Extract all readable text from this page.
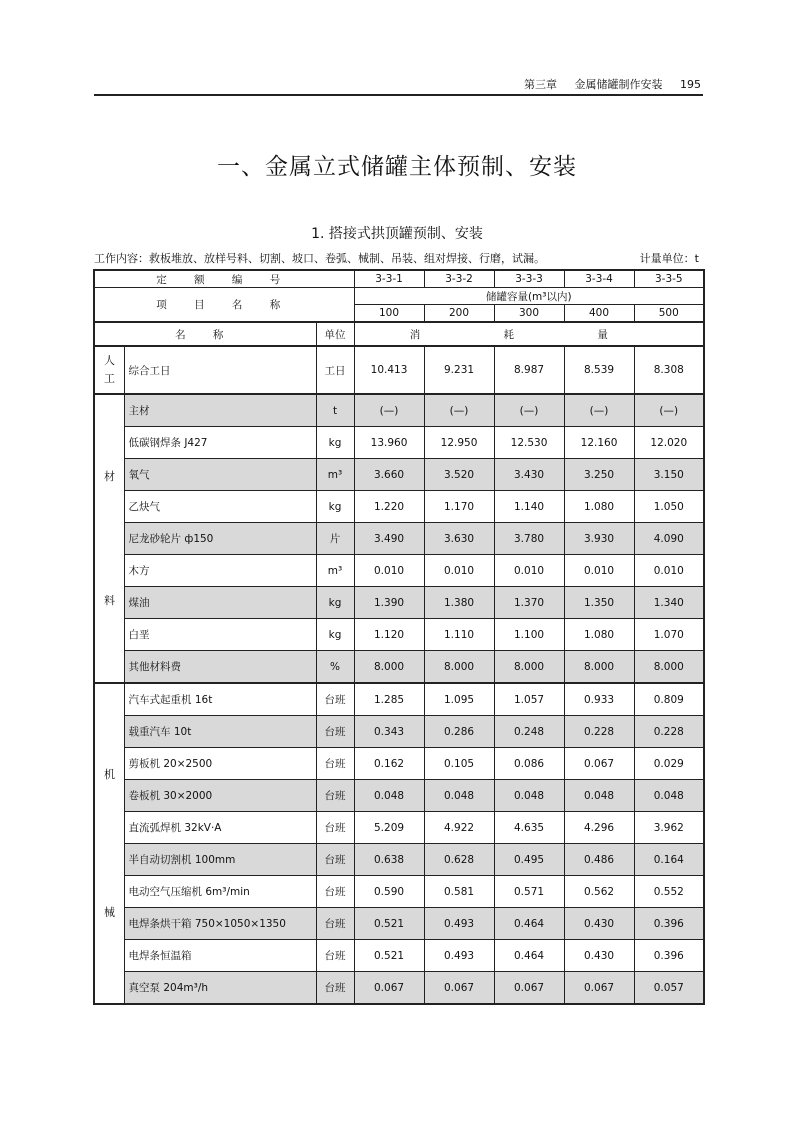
第三章 金属储罐制作安装 195
一、金属立式储罐主体预制、安装
1. 搭接式拱顶罐预制、安装
工作内容：救板堆放、放样号料、切割、坡口、卷弧、械制、吊装、组对焊接、行磨，试漏。	计量单位：t
定 额 编 号			3-3-1	3-3-2	3-3-3	3-3-4	3-3-5
项 目 名 称			储罐容量(m³以内)				
			100	200	300	400	500
名 称		单位	消 耗 量				
人工	综合工日	工日	10.413	9.231	8.987	8.539	8.308
材料	主材	t	(—)	(—)	(—)	(—)	(—)
	低碳钢焊条 J427	kg	13.960	12.950	12.530	12.160	12.020
	氧气	m³	3.660	3.520	3.430	3.250	3.150
	乙炔气	kg	1.220	1.170	1.140	1.080	1.050
	尼龙砂轮片 ф150	片	3.490	3.630	3.780	3.930	4.090
	木方	m³	0.010	0.010	0.010	0.010	0.010
	煤油	kg	1.390	1.380	1.370	1.350	1.340
	白垩	kg	1.120	1.110	1.100	1.080	1.070
	其他材料费	%	8.000	8.000	8.000	8.000	8.000
机械	汽车式起重机 16t	台班	1.285	1.095	1.057	0.933	0.809
	载重汽车 10t	台班	0.343	0.286	0.248	0.228	0.228
	剪板机 20×2500	台班	0.162	0.105	0.086	0.067	0.029
	卷板机 30×2000	台班	0.048	0.048	0.048	0.048	0.048
	直流弧焊机 32kV·A	台班	5.209	4.922	4.635	4.296	3.962
	半自动切割机 100mm	台班	0.638	0.628	0.495	0.486	0.164
	电动空气压缩机 6m³/min	台班	0.590	0.581	0.571	0.562	0.552
	电焊条烘干箱 750×1050×1350	台班	0.521	0.493	0.464	0.430	0.396
	电焊条恒温箱	台班	0.521	0.493	0.464	0.430	0.396
	真空泵 204m³/h	台班	0.067	0.067	0.067	0.067	0.057
